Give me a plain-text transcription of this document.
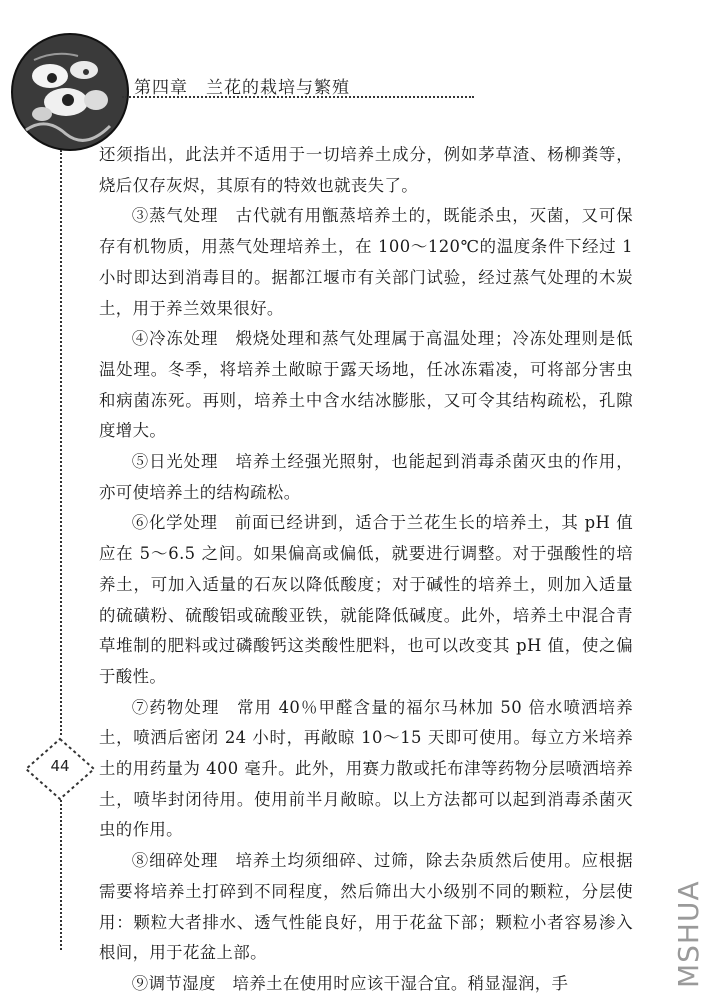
第四章　兰花的栽培与繁殖
44

还须指出，此法并不适用于一切培养土成分，例如茅草渣、杨柳粪等，烧后仅存灰烬，其原有的特效也就丧失了。

③蒸气处理　古代就有用甑蒸培养土的，既能杀虫，灭菌，又可保存有机物质，用蒸气处理培养土，在 100～120℃的温度条件下经过 1 小时即达到消毒目的。据都江堰市有关部门试验，经过蒸气处理的木炭土，用于养兰效果很好。

④冷冻处理　煅烧处理和蒸气处理属于高温处理；冷冻处理则是低温处理。冬季，将培养土敞晾于露天场地，任冰冻霜凌，可将部分害虫和病菌冻死。再则，培养土中含水结冰膨胀，又可令其结构疏松，孔隙度增大。

⑤日光处理　培养土经强光照射，也能起到消毒杀菌灭虫的作用，亦可使培养土的结构疏松。

⑥化学处理　前面已经讲到，适合于兰花生长的培养土，其 pH 值应在 5～6.5 之间。如果偏高或偏低，就要进行调整。对于强酸性的培养土，可加入适量的石灰以降低酸度；对于碱性的培养土，则加入适量的硫磺粉、硫酸铝或硫酸亚铁，就能降低碱度。此外，培养土中混合青草堆制的肥料或过磷酸钙这类酸性肥料，也可以改变其 pH 值，使之偏于酸性。

⑦药物处理　常用 40％甲醛含量的福尔马林加 50 倍水喷洒培养土，喷洒后密闭 24 小时，再敞晾 10～15 天即可使用。每立方米培养土的用药量为 400 毫升。此外，用赛力散或托布津等药物分层喷洒培养土，喷毕封闭待用。使用前半月敞晾。以上方法都可以起到消毒杀菌灭虫的作用。

⑧细碎处理　培养土均须细碎、过筛，除去杂质然后使用。应根据需要将培养土打碎到不同程度，然后筛出大小级别不同的颗粒，分层使用：颗粒大者排水、透气性能良好，用于花盆下部；颗粒小者容易渗入根间，用于花盆上部。

⑨调节湿度　培养土在使用时应该干湿合宜。稍显湿润，手	MSHUA
